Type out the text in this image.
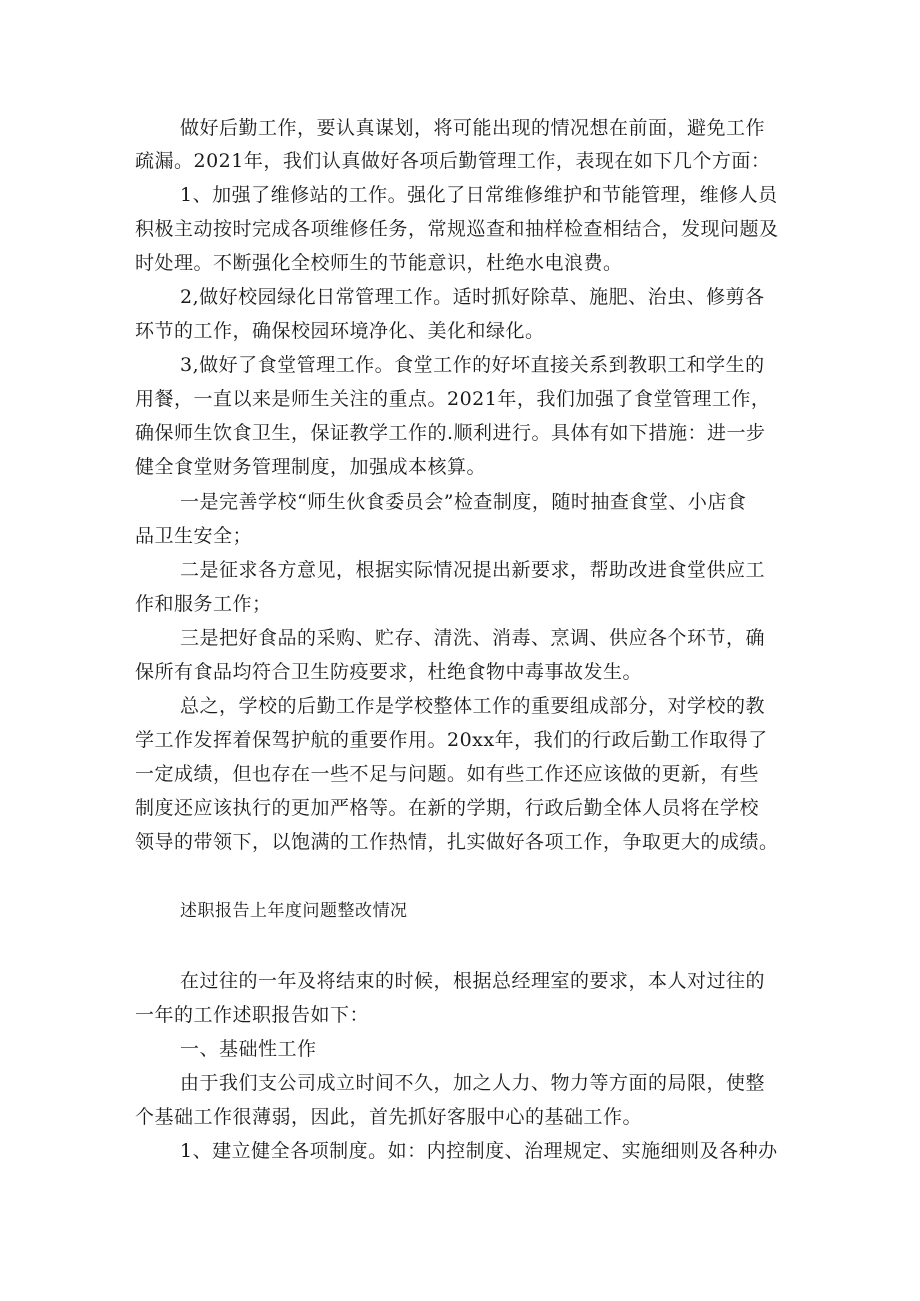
做好后勤工作，要认真谋划，将可能出现的情况想在前面，避免工作
疏漏。2021年，我们认真做好各项后勤管理工作，表现在如下几个方面：
1、加强了维修站的工作。强化了日常维修维护和节能管理，维修人员
积极主动按时完成各项维修任务，常规巡查和抽样检查相结合，发现问题及
时处理。不断强化全校师生的节能意识，杜绝水电浪费。
2,做好校园绿化日常管理工作。适时抓好除草、施肥、治虫、修剪各
环节的工作，确保校园环境净化、美化和绿化。
3,做好了食堂管理工作。食堂工作的好坏直接关系到教职工和学生的
用餐，一直以来是师生关注的重点。2021年，我们加强了食堂管理工作，
确保师生饮食卫生，保证教学工作的.顺利进行。具体有如下措施：进一步
健全食堂财务管理制度，加强成本核算。
一是完善学校“师生伙食委员会”检查制度，随时抽查食堂、小店食
品卫生安全；
二是征求各方意见，根据实际情况提出新要求，帮助改进食堂供应工
作和服务工作；
三是把好食品的采购、贮存、清洗、消毒、烹调、供应各个环节，确
保所有食品均符合卫生防疫要求，杜绝食物中毒事故发生。
总之，学校的后勤工作是学校整体工作的重要组成部分，对学校的教
学工作发挥着保驾护航的重要作用。20xx年，我们的行政后勤工作取得了
一定成绩，但也存在一些不足与问题。如有些工作还应该做的更新，有些
制度还应该执行的更加严格等。在新的学期，行政后勤全体人员将在学校
领导的带领下，以饱满的工作热情，扎实做好各项工作，争取更大的成绩。
述职报告上年度问题整改情况
在过往的一年及将结束的时候，根据总经理室的要求，本人对过往的
一年的工作述职报告如下：
一、基础性工作
由于我们支公司成立时间不久，加之人力、物力等方面的局限，使整
个基础工作很薄弱，因此，首先抓好客服中心的基础工作。
1、建立健全各项制度。如：内控制度、治理规定、实施细则及各种办
